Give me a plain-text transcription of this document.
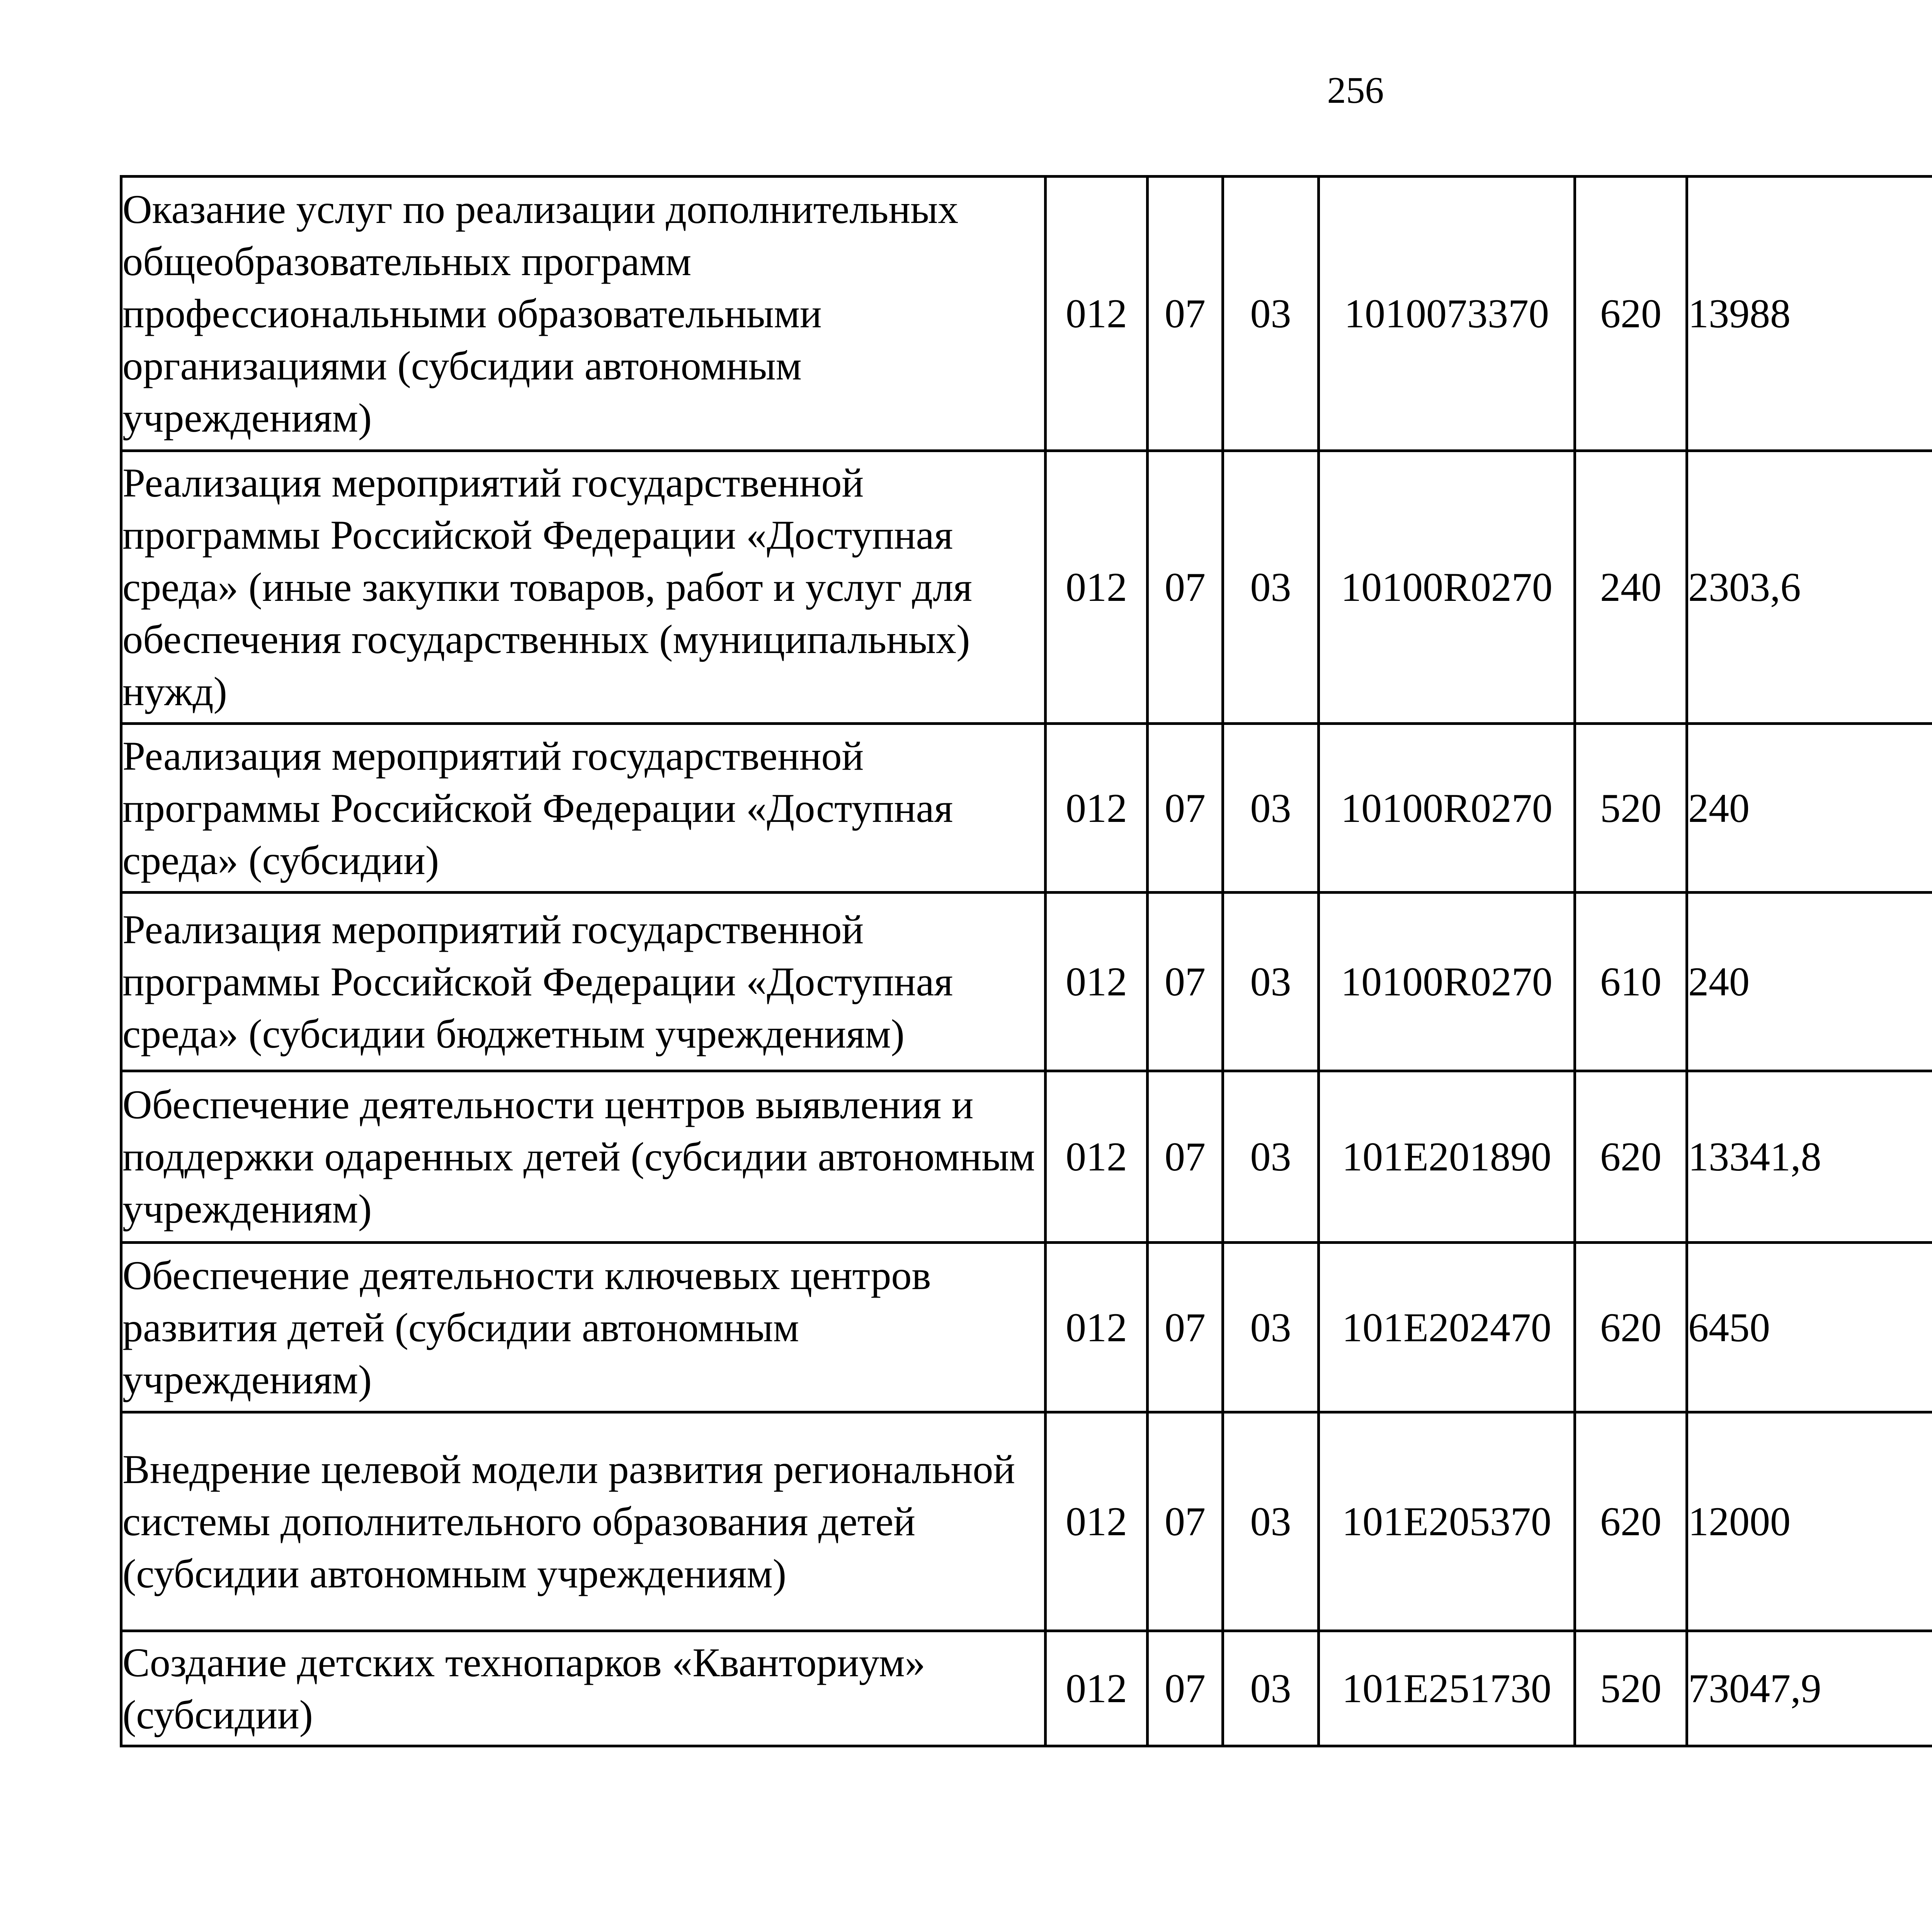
256
Оказание услуг по реализации дополнительных общеобразовательных программ профессиональными образовательными организациями (субсидии автономным учреждениям)	012	07	03	1010073370	620	13988		
Реализация мероприятий государственной программы Российской Федерации «Доступная среда» (иные закупки товаров, работ и услуг для обеспечения государственных (муниципальных) нужд)	012	07	03	10100R0270	240	2303,6		
Реализация мероприятий государственной программы Российской Федерации «Доступная среда» (субсидии)	012	07	03	10100R0270	520	240		
Реализация мероприятий государственной программы Российской Федерации «Доступная среда» (субсидии бюджетным учреждениям)	012	07	03	10100R0270	610	240		
Обеспечение деятельности центров выявления и поддержки одаренных детей (субсидии автономным учреждениям)	012	07	03	101E201890	620	13341,8		
Обеспечение деятельности ключевых центров развития детей (субсидии автономным учреждениям)	012	07	03	101E202470	620	6450		
Внедрение целевой модели развития региональной системы дополнительного образования детей (субсидии автономным учреждениям)	012	07	03	101E205370	620	12000		
Создание детских технопарков «Кванториум» (субсидии)	012	07	03	101E251730	520	73047,9		
